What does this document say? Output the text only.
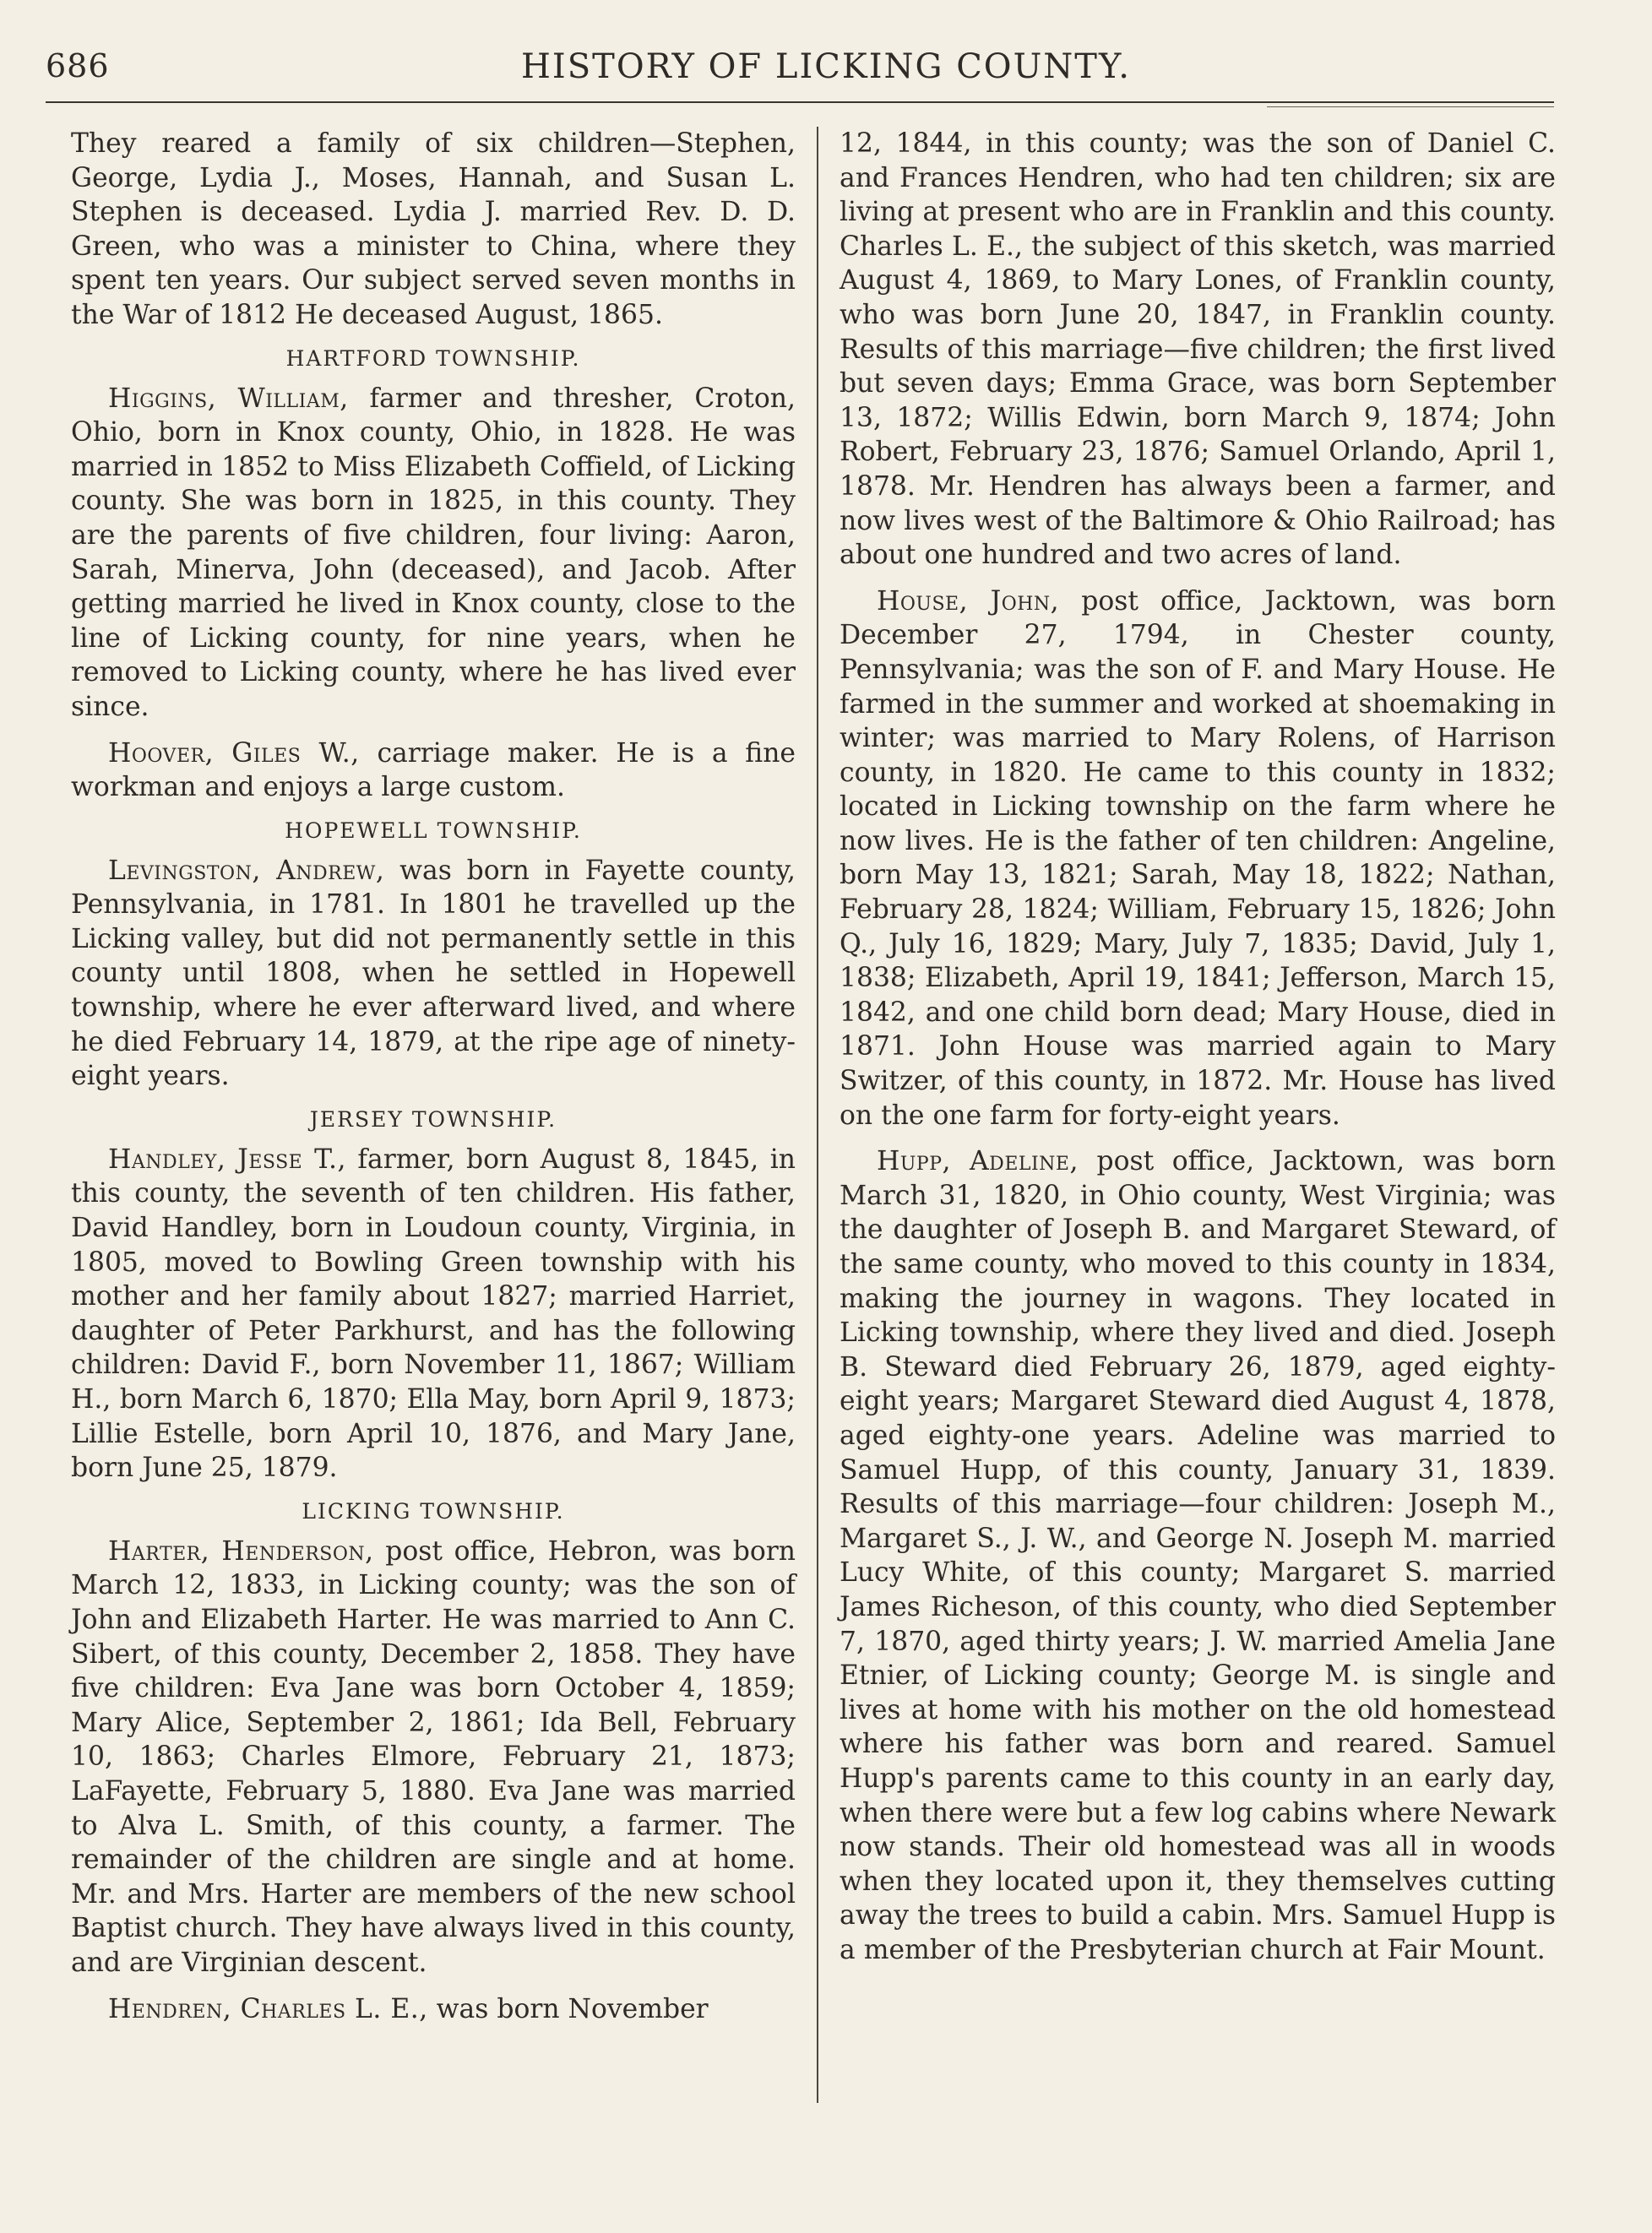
686	HISTORY OF LICKING COUNTY.

They reared a family of six children—Stephen, George, Lydia J., Moses, Hannah, and Susan L. Stephen is deceased. Lydia J. married Rev. D. D. Green, who was a minister to China, where they spent ten years. Our subject served seven months in the War of 1812 He deceased August, 1865.

HARTFORD TOWNSHIP.

Higgins, William, farmer and thresher, Croton, Ohio, born in Knox county, Ohio, in 1828. He was married in 1852 to Miss Elizabeth Coffield, of Licking county. She was born in 1825, in this county. They are the parents of five children, four living: Aaron, Sarah, Minerva, John (deceased), and Jacob. After getting married he lived in Knox county, close to the line of Licking county, for nine years, when he removed to Licking county, where he has lived ever since.

Hoover, Giles W., carriage maker. He is a fine workman and enjoys a large custom.

HOPEWELL TOWNSHIP.

Levingston, Andrew, was born in Fayette county, Pennsylvania, in 1781. In 1801 he travelled up the Licking valley, but did not permanently settle in this county until 1808, when he settled in Hopewell township, where he ever afterward lived, and where he died February 14, 1879, at the ripe age of ninety-eight years.

JERSEY TOWNSHIP.

Handley, Jesse T., farmer, born August 8, 1845, in this county, the seventh of ten children. His father, David Handley, born in Loudoun county, Virginia, in 1805, moved to Bowling Green township with his mother and her family about 1827; married Harriet, daughter of Peter Parkhurst, and has the following children: David F., born November 11, 1867; William H., born March 6, 1870; Ella May, born April 9, 1873; Lillie Estelle, born April 10, 1876, and Mary Jane, born June 25, 1879.

LICKING TOWNSHIP.

Harter, Henderson, post office, Hebron, was born March 12, 1833, in Licking county; was the son of John and Elizabeth Harter. He was married to Ann C. Sibert, of this county, December 2, 1858. They have five children: Eva Jane was born October 4, 1859; Mary Alice, September 2, 1861; Ida Bell, February 10, 1863; Charles Elmore, February 21, 1873; LaFayette, February 5, 1880. Eva Jane was married to Alva L. Smith, of this county, a farmer. The remainder of the children are single and at home. Mr. and Mrs. Harter are members of the new school Baptist church. They have always lived in this county, and are Virginian descent.

Hendren, Charles L. E., was born November

12, 1844, in this county; was the son of Daniel C. and Frances Hendren, who had ten children; six are living at present who are in Franklin and this county. Charles L. E., the subject of this sketch, was married August 4, 1869, to Mary Lones, of Franklin county, who was born June 20, 1847, in Franklin county. Results of this marriage—five children; the first lived but seven days; Emma Grace, was born September 13, 1872; Willis Edwin, born March 9, 1874; John Robert, February 23, 1876; Samuel Orlando, April 1, 1878. Mr. Hendren has always been a farmer, and now lives west of the Baltimore & Ohio Railroad; has about one hundred and two acres of land.

House, John, post office, Jacktown, was born December 27, 1794, in Chester county, Pennsylvania; was the son of F. and Mary House. He farmed in the summer and worked at shoemaking in winter; was married to Mary Rolens, of Harrison county, in 1820. He came to this county in 1832; located in Licking township on the farm where he now lives. He is the father of ten children: Angeline, born May 13, 1821; Sarah, May 18, 1822; Nathan, February 28, 1824; William, February 15, 1826; John Q., July 16, 1829; Mary, July 7, 1835; David, July 1, 1838; Elizabeth, April 19, 1841; Jefferson, March 15, 1842, and one child born dead; Mary House, died in 1871. John House was married again to Mary Switzer, of this county, in 1872. Mr. House has lived on the one farm for forty-eight years.

Hupp, Adeline, post office, Jacktown, was born March 31, 1820, in Ohio county, West Virginia; was the daughter of Joseph B. and Margaret Steward, of the same county, who moved to this county in 1834, making the journey in wagons. They located in Licking township, where they lived and died. Joseph B. Steward died February 26, 1879, aged eighty-eight years; Margaret Steward died August 4, 1878, aged eighty-one years. Adeline was married to Samuel Hupp, of this county, January 31, 1839. Results of this marriage—four children: Joseph M., Margaret S., J. W., and George N. Joseph M. married Lucy White, of this county; Margaret S. married James Richeson, of this county, who died September 7, 1870, aged thirty years; J. W. married Amelia Jane Etnier, of Licking county; George M. is single and lives at home with his mother on the old homestead where his father was born and reared. Samuel Hupp's parents came to this county in an early day, when there were but a few log cabins where Newark now stands. Their old homestead was all in woods when they located upon it, they themselves cutting away the trees to build a cabin. Mrs. Samuel Hupp is a member of the Presbyterian church at Fair Mount.
